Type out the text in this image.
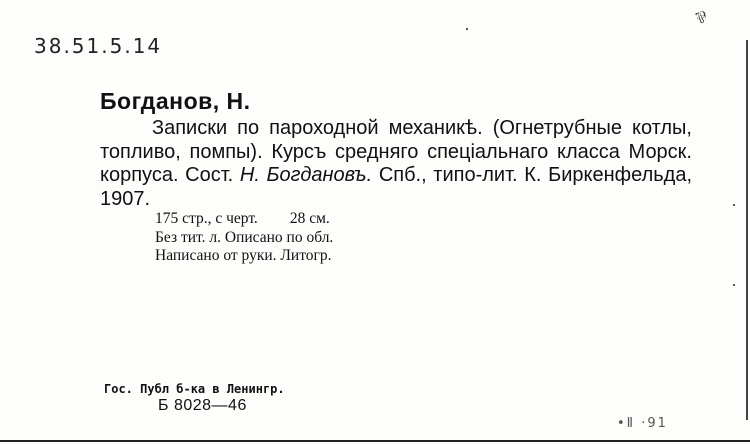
38.51.5.14
⅌
Богданов, Н.
Записки по пароходной механикѣ. (Огнетрубные котлы, топливо, помпы). Курсъ средняго спеціальнаго класса Морск. корпуса. Сост. Н. Богдановъ. Спб., типо-лит. К. Биркенфельда, 1907.
175 стр., с черт. 28 см.
Без тит. л. Описано по обл.
Написано от руки. Литогр.
Гос. Публ б-ка в Ленингр.
Б 8028—46
•Ⅱ ·91
